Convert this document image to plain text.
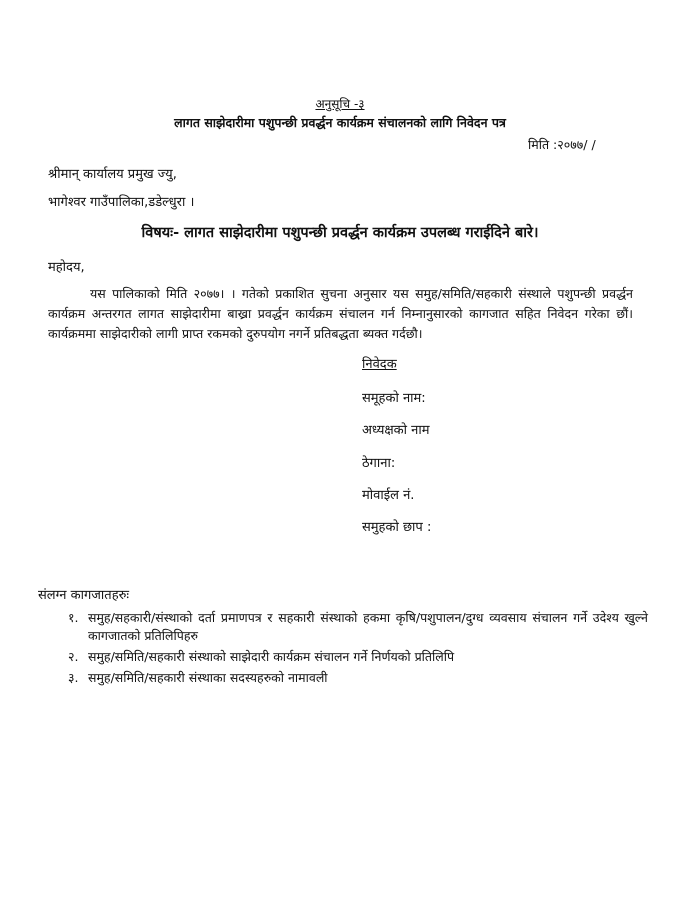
अनुसूचि -३
लागत साझेदारीमा पशुपन्छी प्रवर्द्धन कार्यक्रम संचालनको लागि निवेदन पत्र
मिति :२०७७/ /
श्रीमान् कार्यालय प्रमुख ज्यु,
भागेश्वर गाउँपालिका,डडेल्धुरा ।
विषयः- लागत साझेदारीमा पशुपन्छी प्रवर्द्धन कार्यक्रम उपलब्ध गराईदिने बारे।
महोदय,
यस पालिकाको मिति २०७७। । गतेको प्रकाशित सुचना अनुसार यस समुह/समिति/सहकारी संस्थाले पशुपन्छी प्रवर्द्धन कार्यक्रम अन्तरगत लागत साझेदारीमा बाख्रा प्रवर्द्धन कार्यक्रम संचालन गर्न निम्नानुसारको कागजात सहित निवेदन गरेका छौं। कार्यक्रममा साझेदारीको लागी प्राप्त रकमको दुरुपयोग नगर्ने प्रतिबद्धता ब्यक्त गर्दछौ।
निवेदक
समूहको नाम:
अध्यक्षको नाम
ठेगाना:
मोवाईल नं.
समुहको छाप :
संलग्न कागजातहरुः
१. समुह/सहकारी/संस्थाको दर्ता प्रमाणपत्र र सहकारी संस्थाको हकमा कृषि/पशुपालन/दुग्ध व्यवसाय संचालन गर्ने उदेश्य खुल्ने कागजातको प्रतिलिपिहरु
२. समुह/समिति/सहकारी संस्थाको साझेदारी कार्यक्रम संचालन गर्ने निर्णयको प्रतिलिपि
३. समुह/समिति/सहकारी संस्थाका सदस्यहरुको नामावली
